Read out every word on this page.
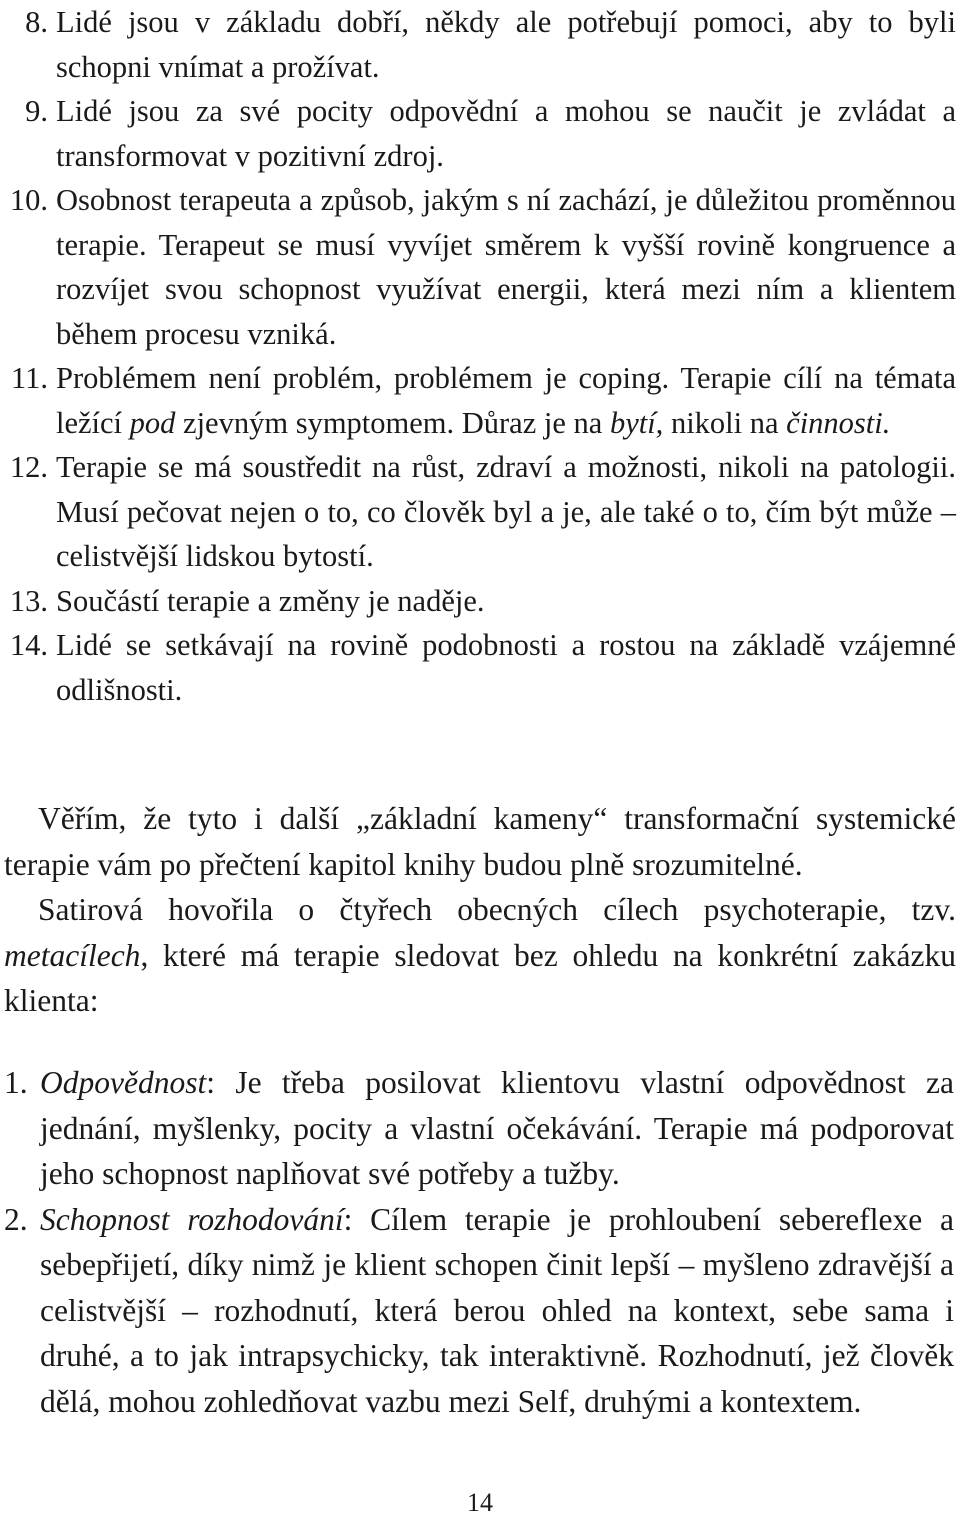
8. Lidé jsou v základu dobří, někdy ale potřebují pomoci, aby to byli schopni vnímat a prožívat.
9. Lidé jsou za své pocity odpovědní a mohou se naučit je zvládat a transformovat v pozitivní zdroj.
10. Osobnost terapeuta a způsob, jakým s ní zachází, je důležitou proměnnou terapie. Terapeut se musí vyvíjet směrem k vyšší rovině kongruence a rozvíjet svou schopnost využívat energii, která mezi ním a klientem během procesu vzniká.
11. Problémem není problém, problémem je coping. Terapie cílí na témata ležící pod zjevným symptomem. Důraz je na bytí, nikoli na činnosti.
12. Terapie se má soustředit na růst, zdraví a možnosti, nikoli na patologii. Musí pečovat nejen o to, co člověk byl a je, ale také o to, čím být může – celistvější lidskou bytostí.
13. Součástí terapie a změny je naděje.
14. Lidé se setkávají na rovině podobnosti a rostou na základě vzájemné odlišnosti.

Věřím, že tyto i další „základní kameny“ transformační systemické terapie vám po přečtení kapitol knihy budou plně srozumitelné.

Satirová hovořila o čtyřech obecných cílech psychoterapie, tzv. metacílech, které má terapie sledovat bez ohledu na konkrétní zakázku klienta:

1. Odpovědnost: Je třeba posilovat klientovu vlastní odpovědnost za jednání, myšlenky, pocity a vlastní očekávání. Terapie má podporovat jeho schopnost naplňovat své potřeby a tužby.
2. Schopnost rozhodování: Cílem terapie je prohloubení sebereflexe a sebepřijetí, díky nimž je klient schopen činit lepší – myšleno zdravější a celistvější – rozhodnutí, která berou ohled na kontext, sebe sama i druhé, a to jak intrapsychicky, tak interaktivně. Rozhodnutí, jež člověk dělá, mohou zohledňovat vazbu mezi Self, druhými a kontextem.
14
